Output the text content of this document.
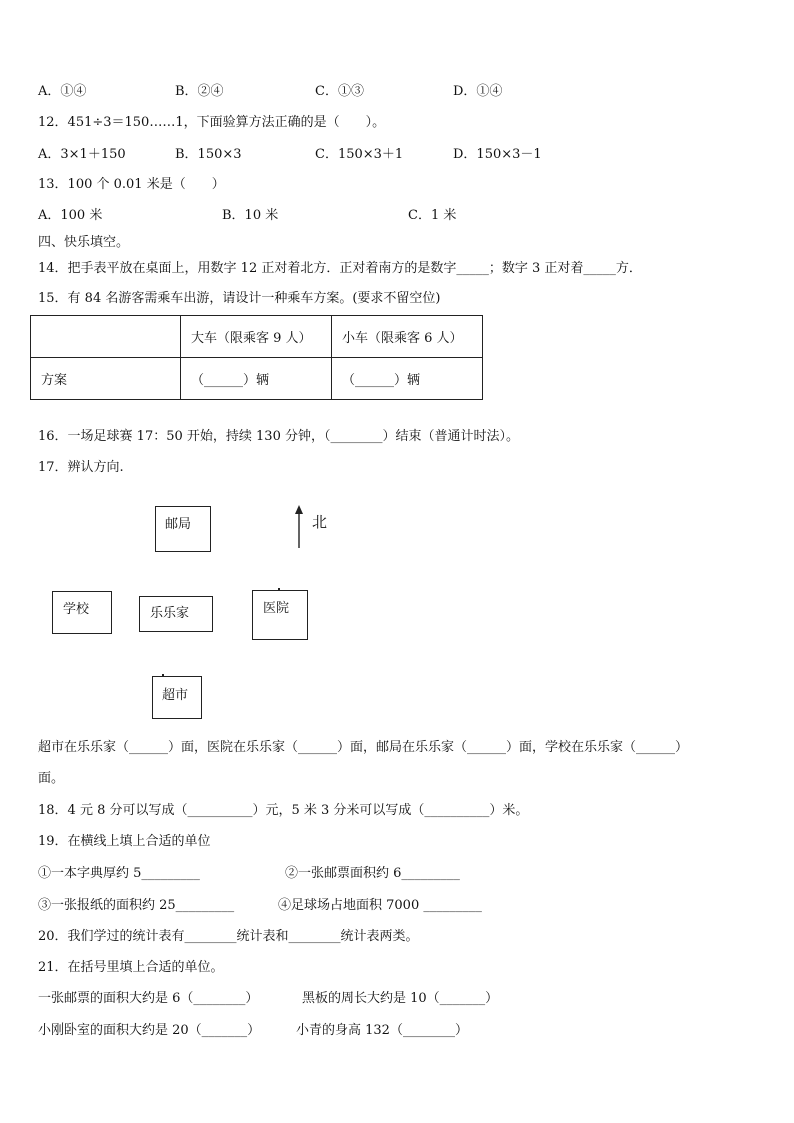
A．①④	B．②④	C．①③	D．①④
12．451÷3＝150……1，下面验算方法正确的是（　　）。
A．3×1＋150	B．150×3	C．150×3＋1	D．150×3－1
13．100 个 0.01 米是（　　）
A．100 米	B．10 米	C．1 米
四、快乐填空。
14．把手表平放在桌面上，用数字 12 正对着北方．正对着南方的是数字_____；数字 3 正对着_____方．
15．有 84 名游客需乘车出游，请设计一种乘车方案。(要求不留空位)
	大车（限乘客 9 人）	小车（限乘客 6 人）
方案	（______）辆	（______）辆
16．一场足球赛 17：50 开始，持续 130 分钟，（________）结束（普通计时法）。
17．辨认方向.
邮局	北
学校	乐乐家	医院
超市
超市在乐乐家（______）面，医院在乐乐家（______）面，邮局在乐乐家（______）面，学校在乐乐家（______）
面。
18．4 元 8 分可以写成（__________）元，5 米 3 分米可以写成（__________）米。
19．在横线上填上合适的单位
①一本字典厚约 5_________	②一张邮票面积约 6_________
③一张报纸的面积约 25_________	④足球场占地面积 7000 _________
20．我们学过的统计表有________统计表和________统计表两类。
21．在括号里填上合适的单位。
一张邮票的面积大约是 6（________）	黑板的周长大约是 10（_______）
小刚卧室的面积大约是 20（_______）	小青的身高 132（________）
